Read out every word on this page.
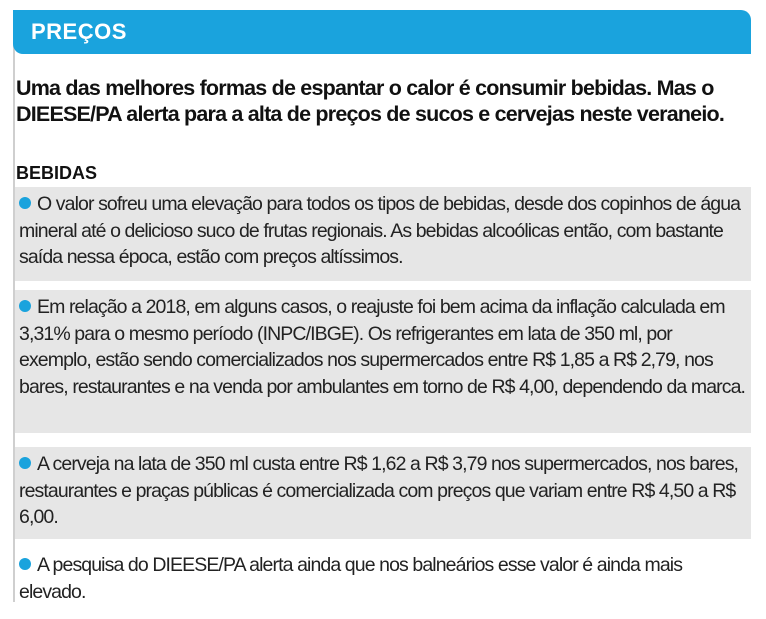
PREÇOS
Uma das melhores formas de espantar o calor é consumir bebidas. Mas o DIEESE/PA alerta para a alta de preços de sucos e cervejas neste veraneio.
BEBIDAS
O valor sofreu uma elevação para todos os tipos de bebidas, desde dos copinhos de água mineral até o delicioso suco de frutas regionais. As bebidas alcoólicas então, com bastante saída nessa época, estão com preços altíssimos.
Em relação a 2018, em alguns casos, o reajuste foi bem acima da inflação calculada em 3,31% para o mesmo período (INPC/IBGE). Os refrigerantes em lata de 350 ml, por exemplo, estão sendo comercializados nos supermercados entre R$ 1,85 a R$ 2,79, nos bares, restaurantes e na venda por ambulantes em torno de R$ 4,00, dependendo da marca.
A cerveja na lata de 350 ml custa entre R$ 1,62 a R$ 3,79 nos supermercados, nos bares, restaurantes e praças públicas é comercializada com preços que variam entre R$ 4,50 a R$ 6,00.
A pesquisa do DIEESE/PA alerta ainda que nos balneários esse valor é ainda mais elevado.
